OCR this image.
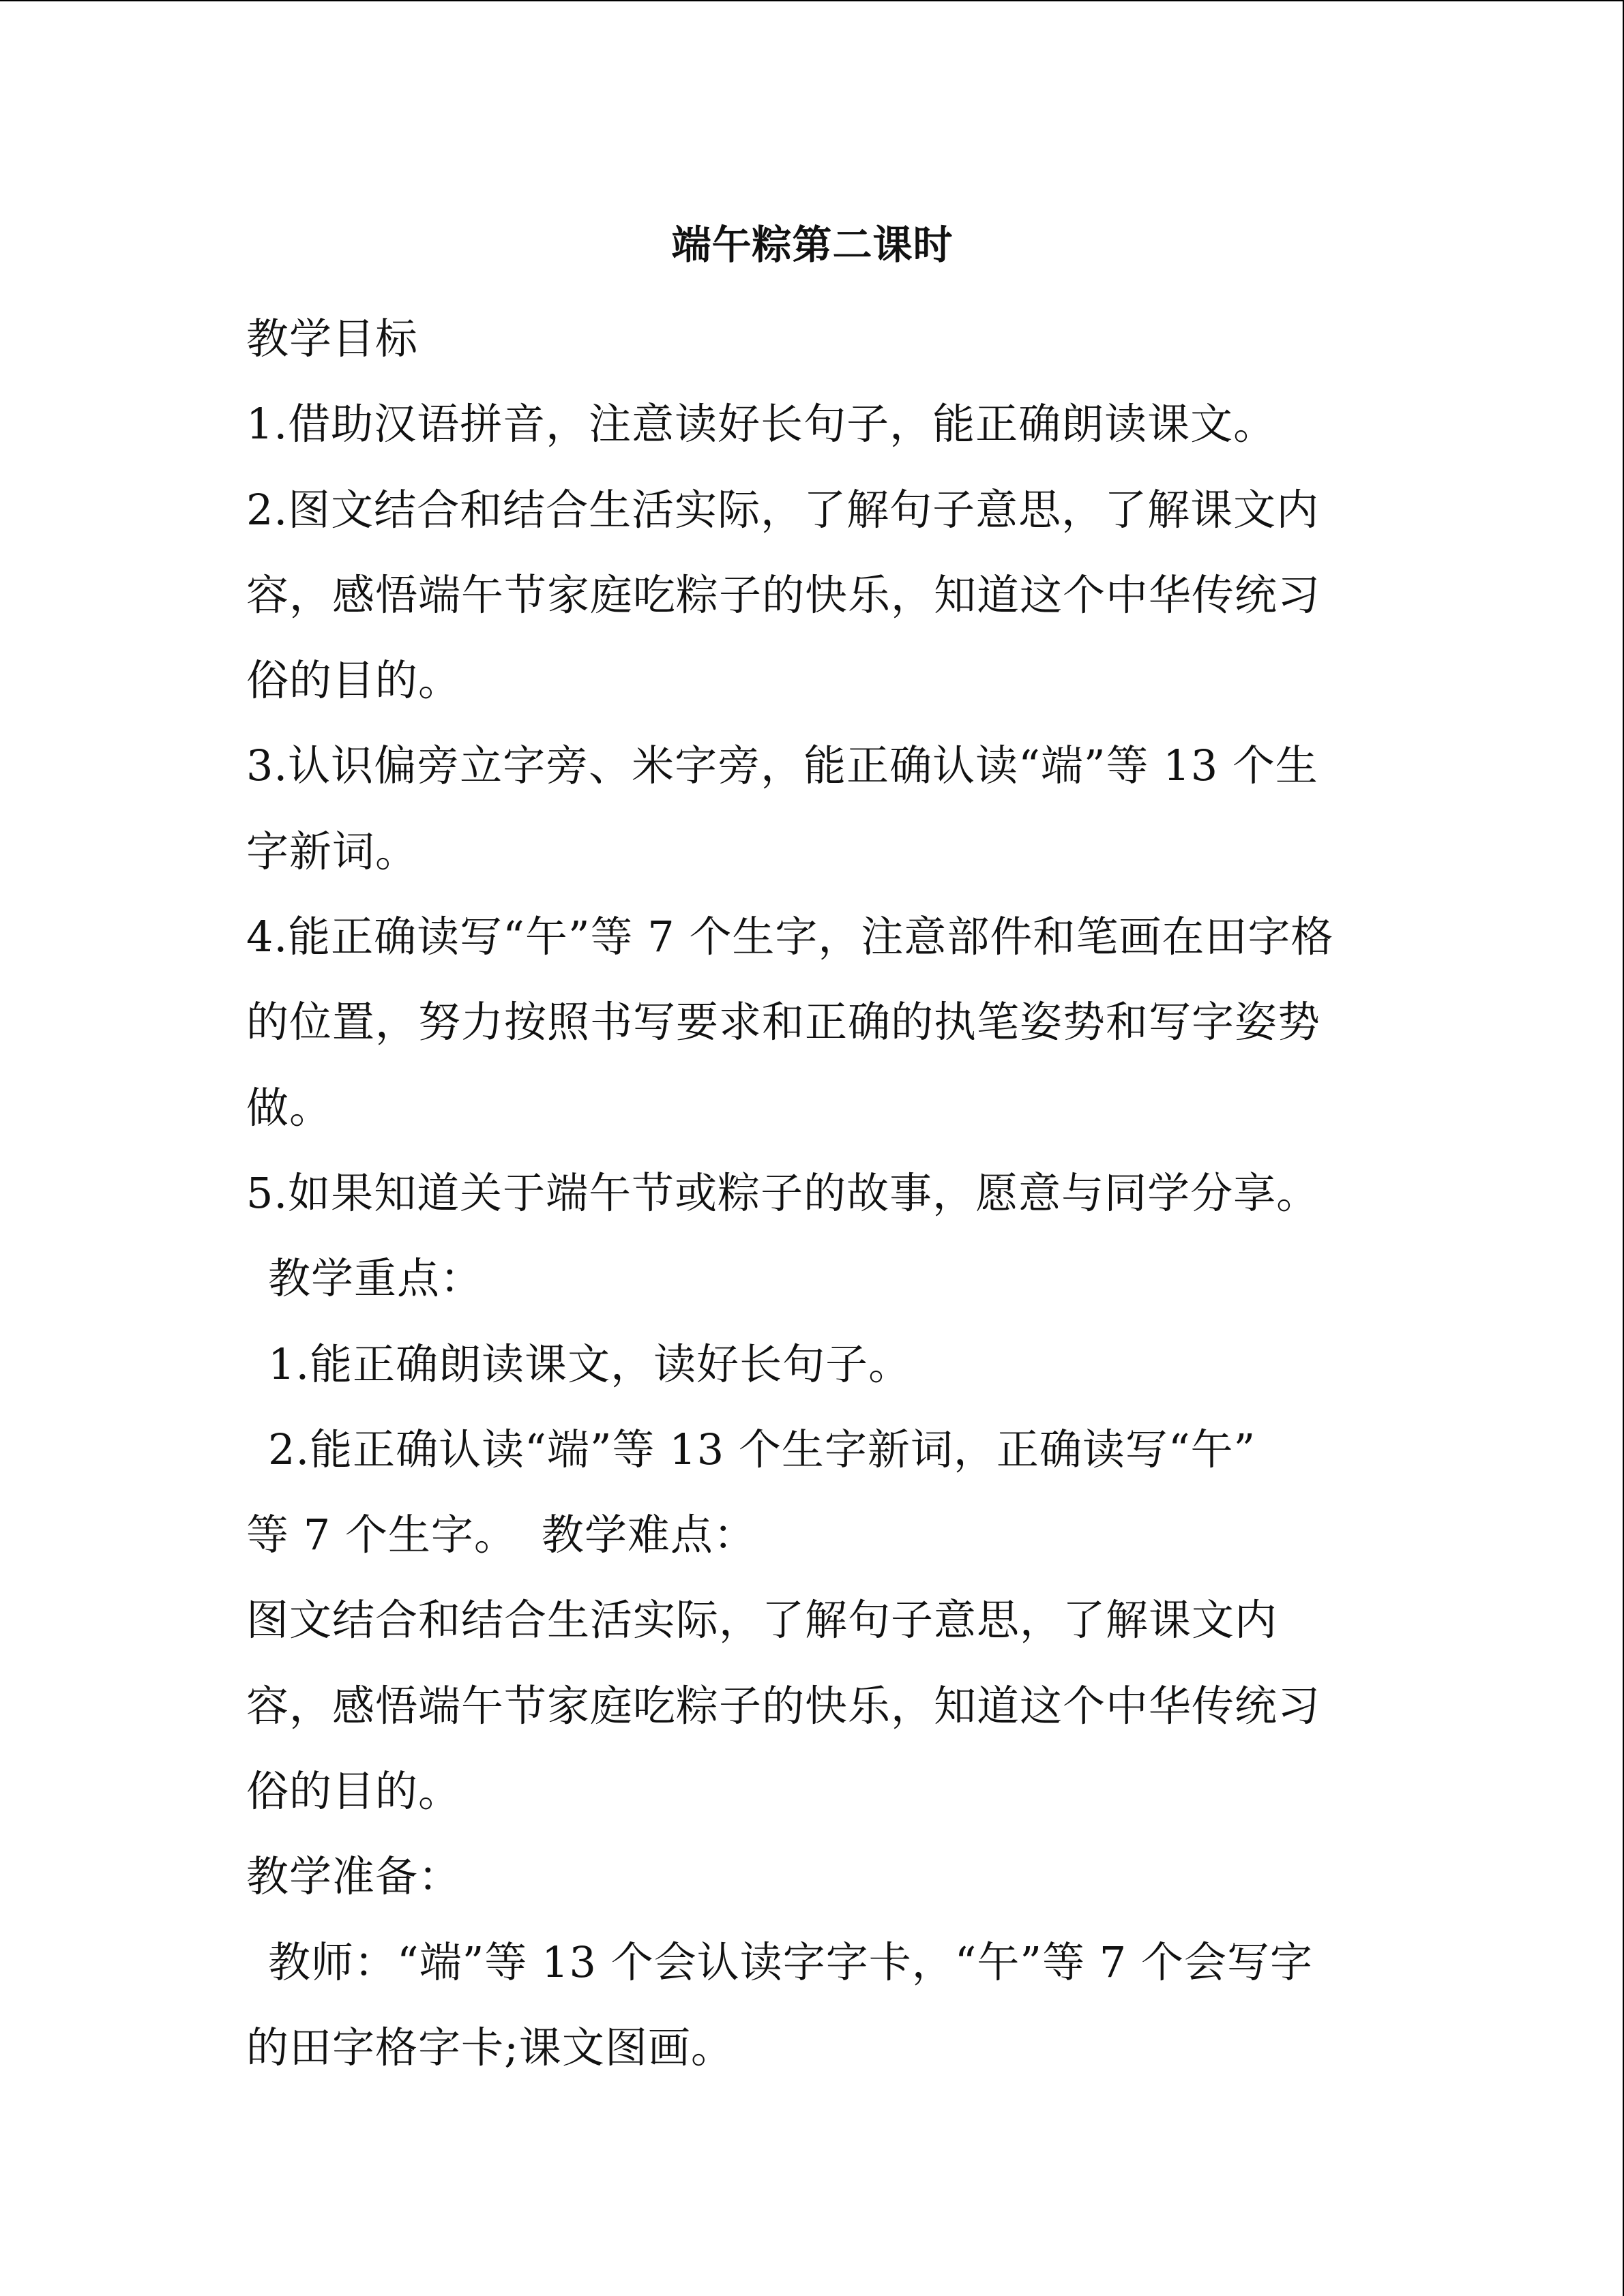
端午粽第二课时
教学目标
1.借助汉语拼音，注意读好长句子，能正确朗读课文。
2.图文结合和结合生活实际，了解句子意思，了解课文内
容，感悟端午节家庭吃粽子的快乐，知道这个中华传统习
俗的目的。
3.认识偏旁立字旁、米字旁，能正确认读“端”等 13 个生
字新词。
4.能正确读写“午”等 7 个生字，注意部件和笔画在田字格
的位置，努力按照书写要求和正确的执笔姿势和写字姿势
做。
5.如果知道关于端午节或粽子的故事，愿意与同学分享。
教学重点：
1.能正确朗读课文，读好长句子。
2.能正确认读“端”等 13 个生字新词，正确读写“午”
等 7 个生字。 教学难点：
图文结合和结合生活实际，了解句子意思，了解课文内
容，感悟端午节家庭吃粽子的快乐，知道这个中华传统习
俗的目的。
教学准备：
教师：“端”等 13 个会认读字字卡，“午”等 7 个会写字
的田字格字卡;课文图画。
